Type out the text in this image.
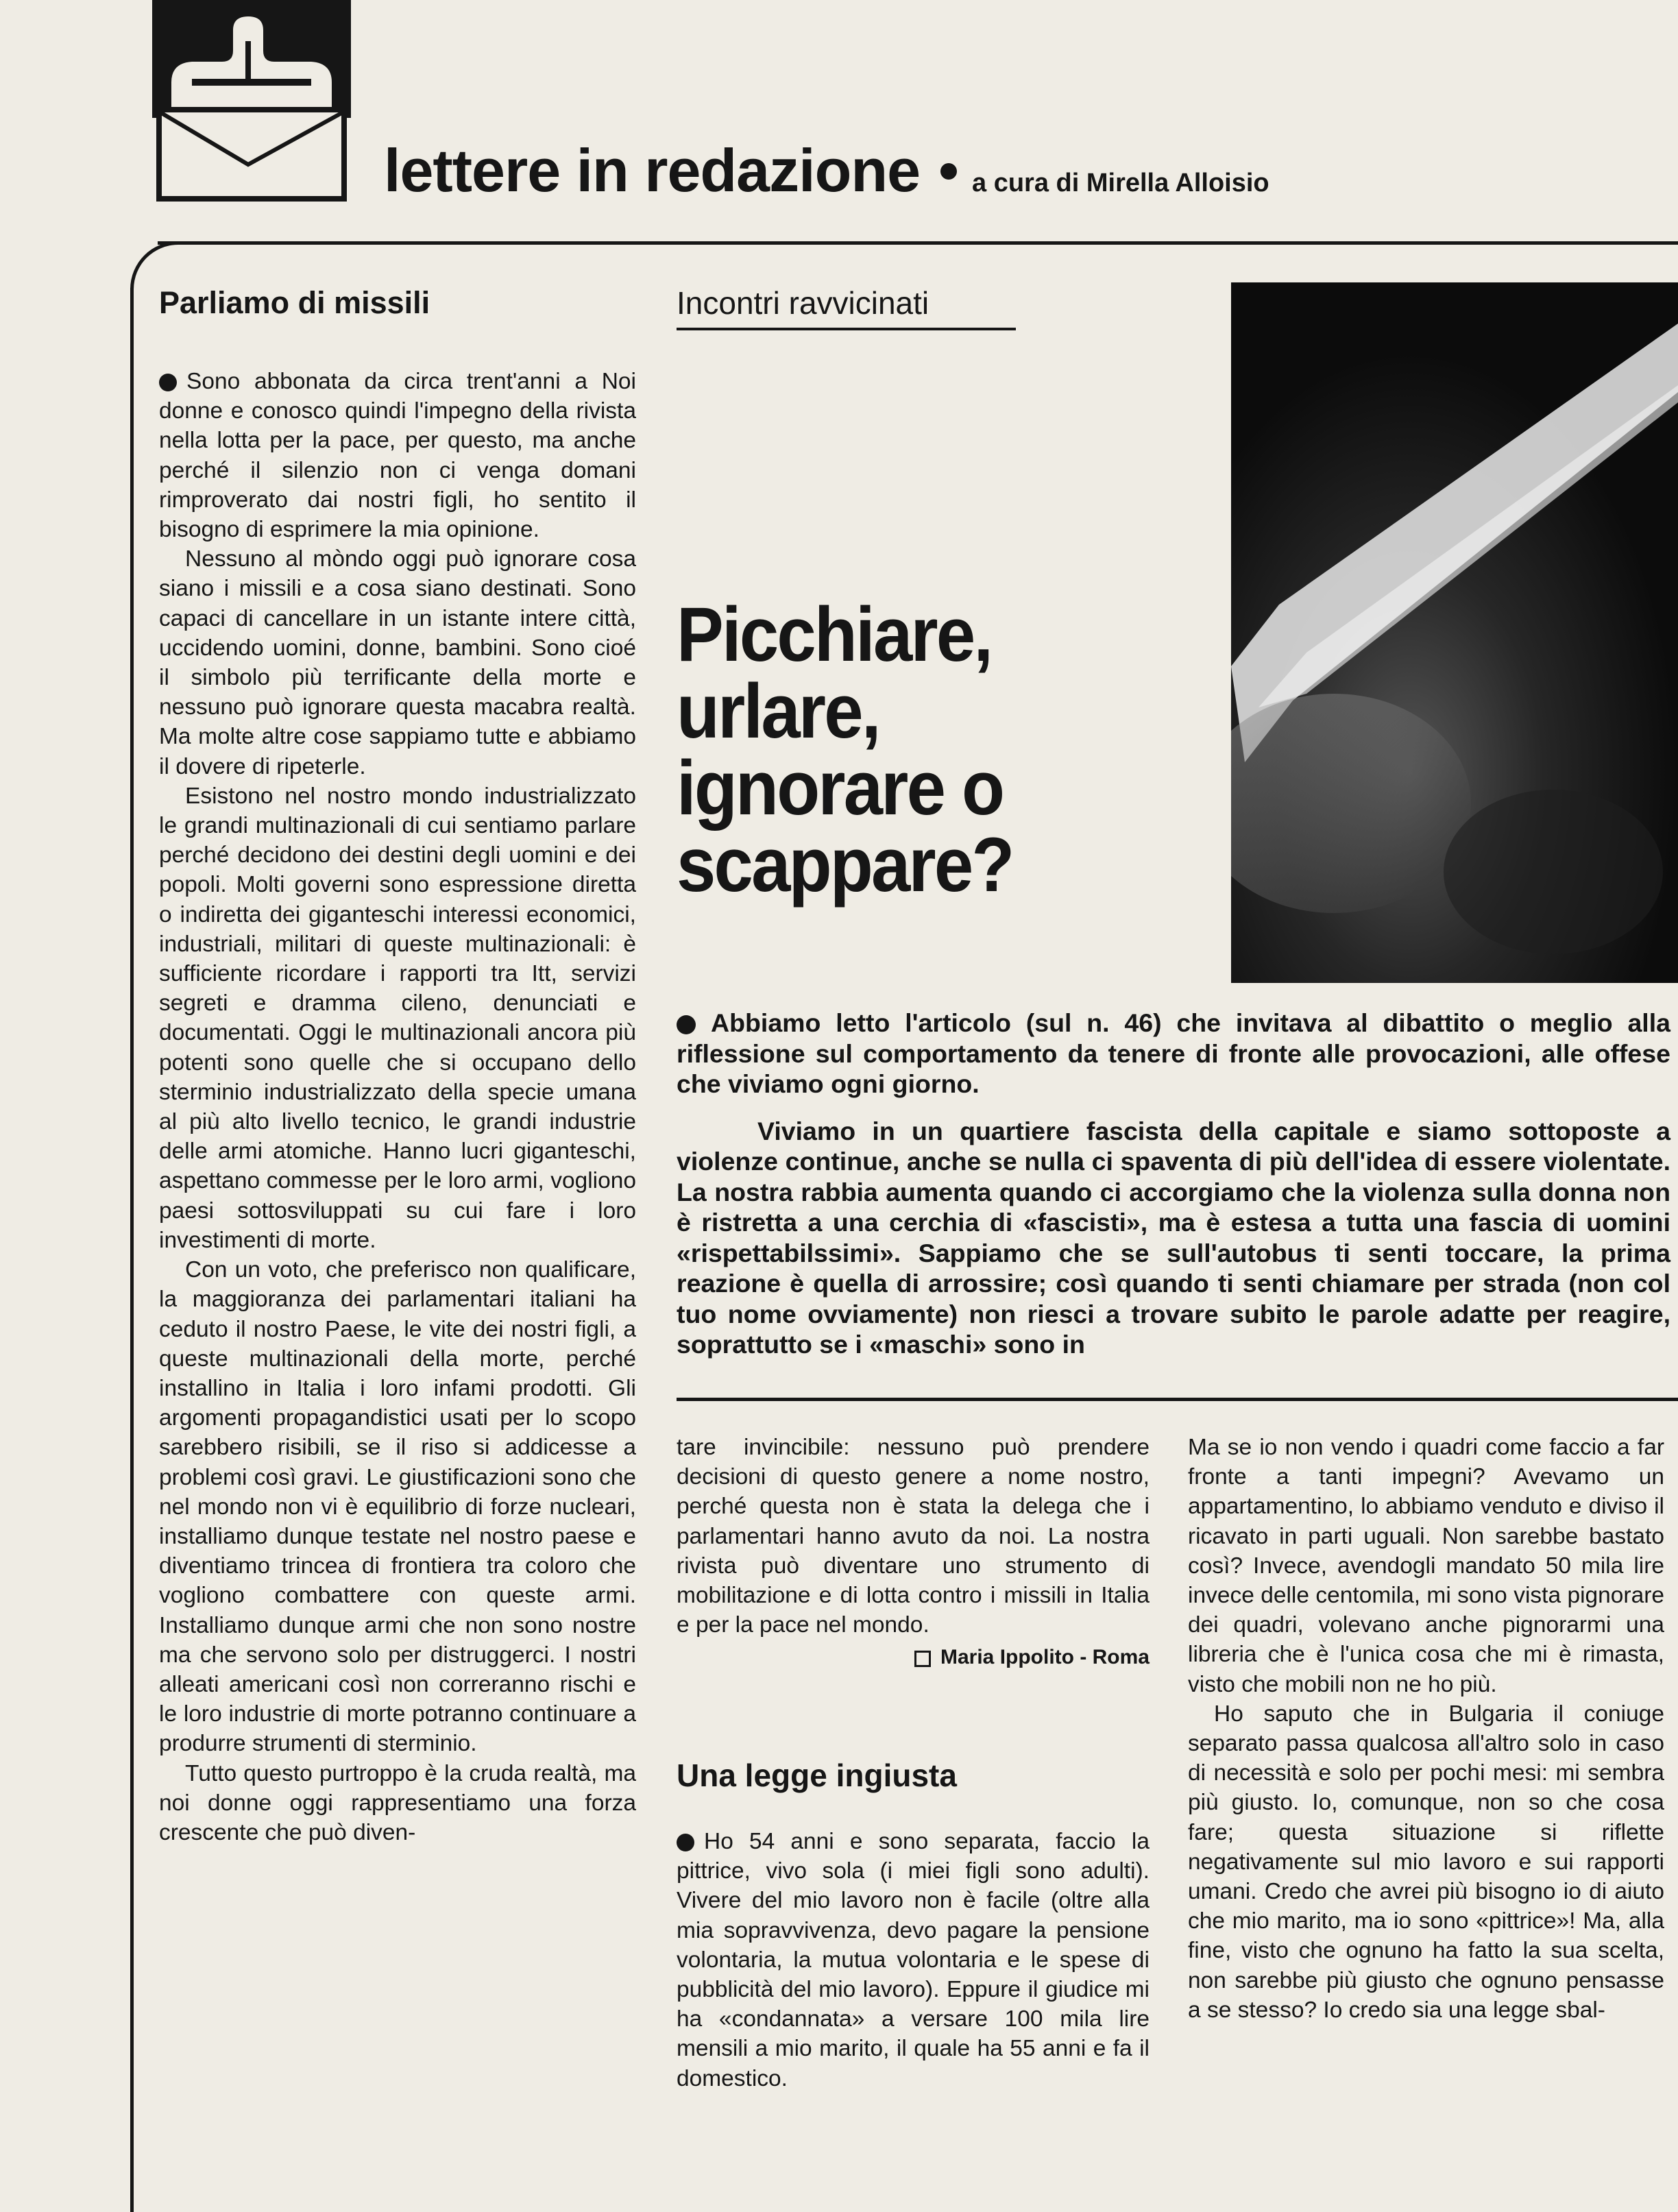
lettere in redazione a cura di Mirella Alloisio
Parliamo di missili

Sono abbonata da circa trent'anni a Noi donne e conosco quindi l'impegno della rivista nella lotta per la pace, per questo, ma anche perché il silenzio non ci venga domani rimproverato dai nostri figli, ho sentito il bisogno di esprimere la mia opinione.

Nessuno al mòndo oggi può ignorare cosa siano i missili e a cosa siano destinati. Sono capaci di cancellare in un istante intere città, uccidendo uomini, donne, bambini. Sono cioé il simbolo più terrificante della morte e nessuno può ignorare questa macabra realtà. Ma molte altre cose sappiamo tutte e abbiamo il dovere di ripeterle.

Esistono nel nostro mondo industrializzato le grandi multinazionali di cui sentiamo parlare perché decidono dei destini degli uomini e dei popoli. Molti governi sono espressione diretta o indiretta dei giganteschi interessi economici, industriali, militari di queste multinazionali: è sufficiente ricordare i rapporti tra Itt, servizi segreti e dramma cileno, denunciati e documentati. Oggi le multinazionali ancora più potenti sono quelle che si occupano dello sterminio industrializzato della specie umana al più alto livello tecnico, le grandi industrie delle armi atomiche. Hanno lucri giganteschi, aspettano commesse per le loro armi, vogliono paesi sottosviluppati su cui fare i loro investimenti di morte.

Con un voto, che preferisco non qualificare, la maggioranza dei parlamentari italiani ha ceduto il nostro Paese, le vite dei nostri figli, a queste multinazionali della morte, perché installino in Italia i loro infami prodotti. Gli argomenti propagandistici usati per lo scopo sarebbero risibili, se il riso si addicesse a problemi così gravi. Le giustificazioni sono che nel mondo non vi è equilibrio di forze nucleari, installiamo dunque testate nel nostro paese e diventiamo trincea di frontiera tra coloro che vogliono combattere con queste armi. Installiamo dunque armi che non sono nostre ma che servono solo per distruggerci. I nostri alleati americani così non correranno rischi e le loro industrie di morte potranno continuare a produrre strumenti di sterminio.

Tutto questo purtroppo è la cruda realtà, ma noi donne oggi rappresentiamo una forza crescente che può diven-

Incontri ravvicinati
Picchiare,
urlare,
ignorare o
scappare?

Abbiamo letto l'articolo (sul n. 46) che invitava al dibattito o meglio alla riflessione sul comportamento da tenere di fronte alle provocazioni, alle offese che viviamo ogni giorno.

Viviamo in un quartiere fascista della capitale e siamo sottoposte a violenze continue, anche se nulla ci spaventa di più dell'idea di essere violentate. La nostra rabbia aumenta quando ci accorgiamo che la violenza sulla donna non è ristretta a una cerchia di «fascisti», ma è estesa a tutta una fascia di uomini «rispettabilssimi». Sappiamo che se sull'autobus ti senti toccare, la prima reazione è quella di arrossire; così quando ti senti chiamare per strada (non col tuo nome ovviamente) non riesci a trovare subito le parole adatte per reagire, soprattutto se i «maschi» sono in

tare invincibile: nessuno può prendere decisioni di questo genere a nome nostro, perché questa non è stata la delega che i parlamentari hanno avuto da noi. La nostra rivista può diventare uno strumento di mobilitazione e di lotta contro i missili in Italia e per la pace nel mondo.

Maria Ippolito - Roma
Una legge ingiusta

Ho 54 anni e sono separata, faccio la pittrice, vivo sola (i miei figli sono adulti). Vivere del mio lavoro non è facile (oltre alla mia sopravvivenza, devo pagare la pensione volontaria, la mutua volontaria e le spese di pubblicità del mio lavoro). Eppure il giudice mi ha «condannata» a versare 100 mila lire mensili a mio marito, il quale ha 55 anni e fa il domestico.

Ma se io non vendo i quadri come faccio a far fronte a tanti impegni? Avevamo un appartamentino, lo abbiamo venduto e diviso il ricavato in parti uguali. Non sarebbe bastato così? Invece, avendogli mandato 50 mila lire invece delle centomila, mi sono vista pignorare dei quadri, volevano anche pignorarmi una libreria che è l'unica cosa che mi è rimasta, visto che mobili non ne ho più.

Ho saputo che in Bulgaria il coniuge separato passa qualcosa all'altro solo in caso di necessità e solo per pochi mesi: mi sembra più giusto. Io, comunque, non so che cosa fare; questa situazione si riflette negativamente sul mio lavoro e sui rapporti umani. Credo che avrei più bisogno io di aiuto che mio marito, ma io sono «pittrice»! Ma, alla fine, visto che ognuno ha fatto la sua scelta, non sarebbe più giusto che ognuno pensasse a se stesso? Io credo sia una legge sbal-
